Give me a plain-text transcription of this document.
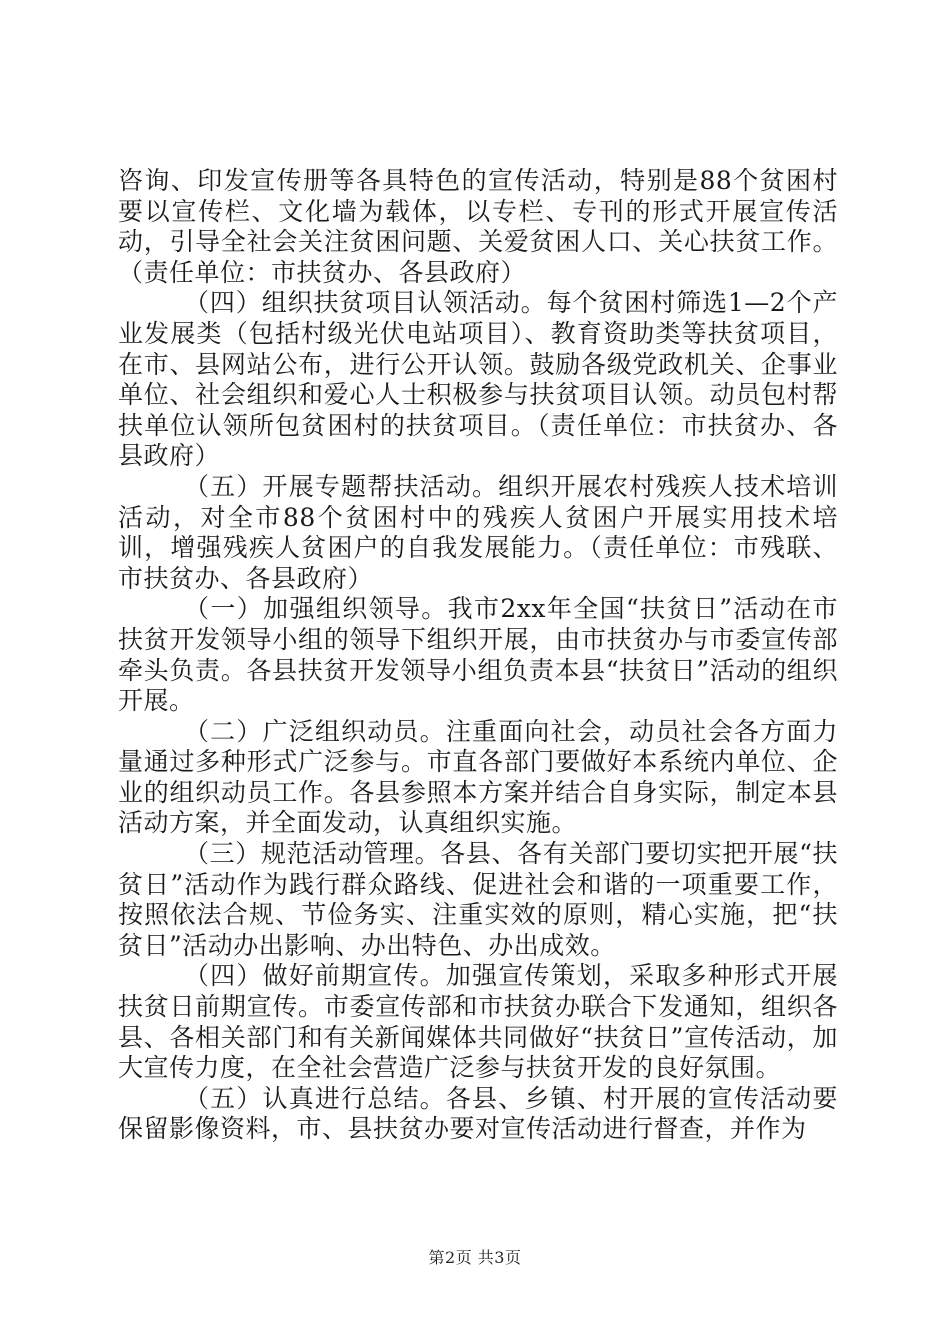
咨询、印发宣传册等各具特色的宣传活动，特别是88个贫困村要以宣传栏、文化墙为载体，以专栏、专刊的形式开展宣传活动，引导全社会关注贫困问题、关爱贫困人口、关心扶贫工作。（责任单位：市扶贫办、各县政府）

（四）组织扶贫项目认领活动。每个贫困村筛选1—2个产业发展类（包括村级光伏电站项目）、教育资助类等扶贫项目，在市、县网站公布，进行公开认领。鼓励各级党政机关、企事业单位、社会组织和爱心人士积极参与扶贫项目认领。动员包村帮扶单位认领所包贫困村的扶贫项目。（责任单位：市扶贫办、各县政府）

（五）开展专题帮扶活动。组织开展农村残疾人技术培训活动，对全市88个贫困村中的残疾人贫困户开展实用技术培训，增强残疾人贫困户的自我发展能力。（责任单位：市残联、市扶贫办、各县政府）

（一）加强组织领导。我市2xx年全国“扶贫日”活动在市扶贫开发领导小组的领导下组织开展，由市扶贫办与市委宣传部牵头负责。各县扶贫开发领导小组负责本县“扶贫日”活动的组织开展。

（二）广泛组织动员。注重面向社会，动员社会各方面力量通过多种形式广泛参与。市直各部门要做好本系统内单位、企业的组织动员工作。各县参照本方案并结合自身实际，制定本县活动方案，并全面发动，认真组织实施。

（三）规范活动管理。各县、各有关部门要切实把开展“扶贫日”活动作为践行群众路线、促进社会和谐的一项重要工作，按照依法合规、节俭务实、注重实效的原则，精心实施，把“扶贫日”活动办出影响、办出特色、办出成效。

（四）做好前期宣传。加强宣传策划，采取多种形式开展扶贫日前期宣传。市委宣传部和市扶贫办联合下发通知，组织各县、各相关部门和有关新闻媒体共同做好“扶贫日”宣传活动，加大宣传力度，在全社会营造广泛参与扶贫开发的良好氛围。

（五）认真进行总结。各县、乡镇、村开展的宣传活动要保留影像资料，市、县扶贫办要对宣传活动进行督查，并作为

第2页 共3页
